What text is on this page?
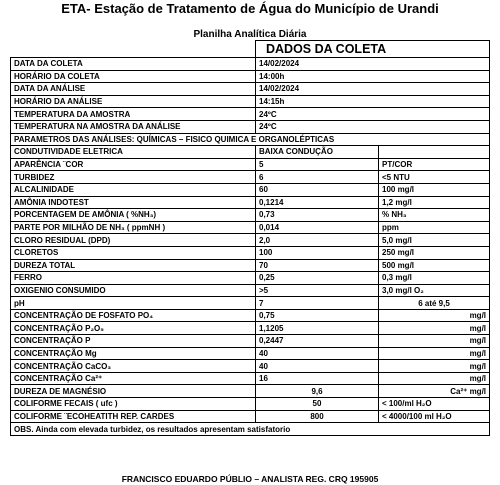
ETA- Estação de Tratamento de Água do Município de Urandi
Planilha Analítica Diária
	DADOS DA COLETA	
DATA DA COLETA	14/02/2024	
HORÁRIO DA COLETA	14:00h	
DATA DA ANÁLISE	14/02/2024	
HORÁRIO DA ANÁLISE	14:15h	
TEMPERATURA DA AMOSTRA	24ºC	
TEMPERATURA NA AMOSTRA DA ANÁLISE	24ºC	
PARAMETROS DAS ANÁLISES: QUÍMICAS – FISICO QUIMICA E ORGANOLÉPTICAS		
CONDUTIVIDADE ELETRICA	BAIXA CONDUÇÃO	
APARÊNCIA ¨COR	5	PT/COR
TURBIDEZ	6	<5 NTU
ALCALINIDADE	60	100 mg/l
AMÔNIA INDOTEST	0,1214	1,2 mg/l
PORCENTAGEM DE AMÔNIA ( %NH₃)	0,73	% NH₃
PARTE POR MILHÃO DE NH₃ ( ppmNH )	0,014	ppm
CLORO RESIDUAL (DPD)	2,0	5,0 mg/l
CLORETOS	100	250 mg/l
DUREZA TOTAL	70	500 mg/l
FERRO	0,25	0,3 mg/l
OXIGENIO CONSUMIDO	>5	3,0 mg/l O₂
pH	7	6 até 9,5
CONCENTRAÇÃO DE FOSFATO PO₄	0,75	mg/l
CONCENTRAÇÃO P₂O₅	1,1205	mg/l
CONCENTRAÇÃO P	0,2447	mg/l
CONCENTRAÇÃO Mg	40	mg/l
CONCENTRAÇÃO CaCO₃	40	mg/l
CONCENTRAÇÃO Ca²⁺	16	mg/l
DUREZA DE MAGNÉSIO	9,6	Ca²⁺ mg/l
COLIFORME FECAIS ( ufc )	50	< 100/ml H₂O
COLIFORME ¨ECOHEATITH REP. CARDES	800	< 4000/100 ml H₂O
OBS. Ainda com elevada turbidez, os resultados apresentam satisfatorio		
FRANCISCO EDUARDO PÚBLIO – ANALISTA REG. CRQ 195905
